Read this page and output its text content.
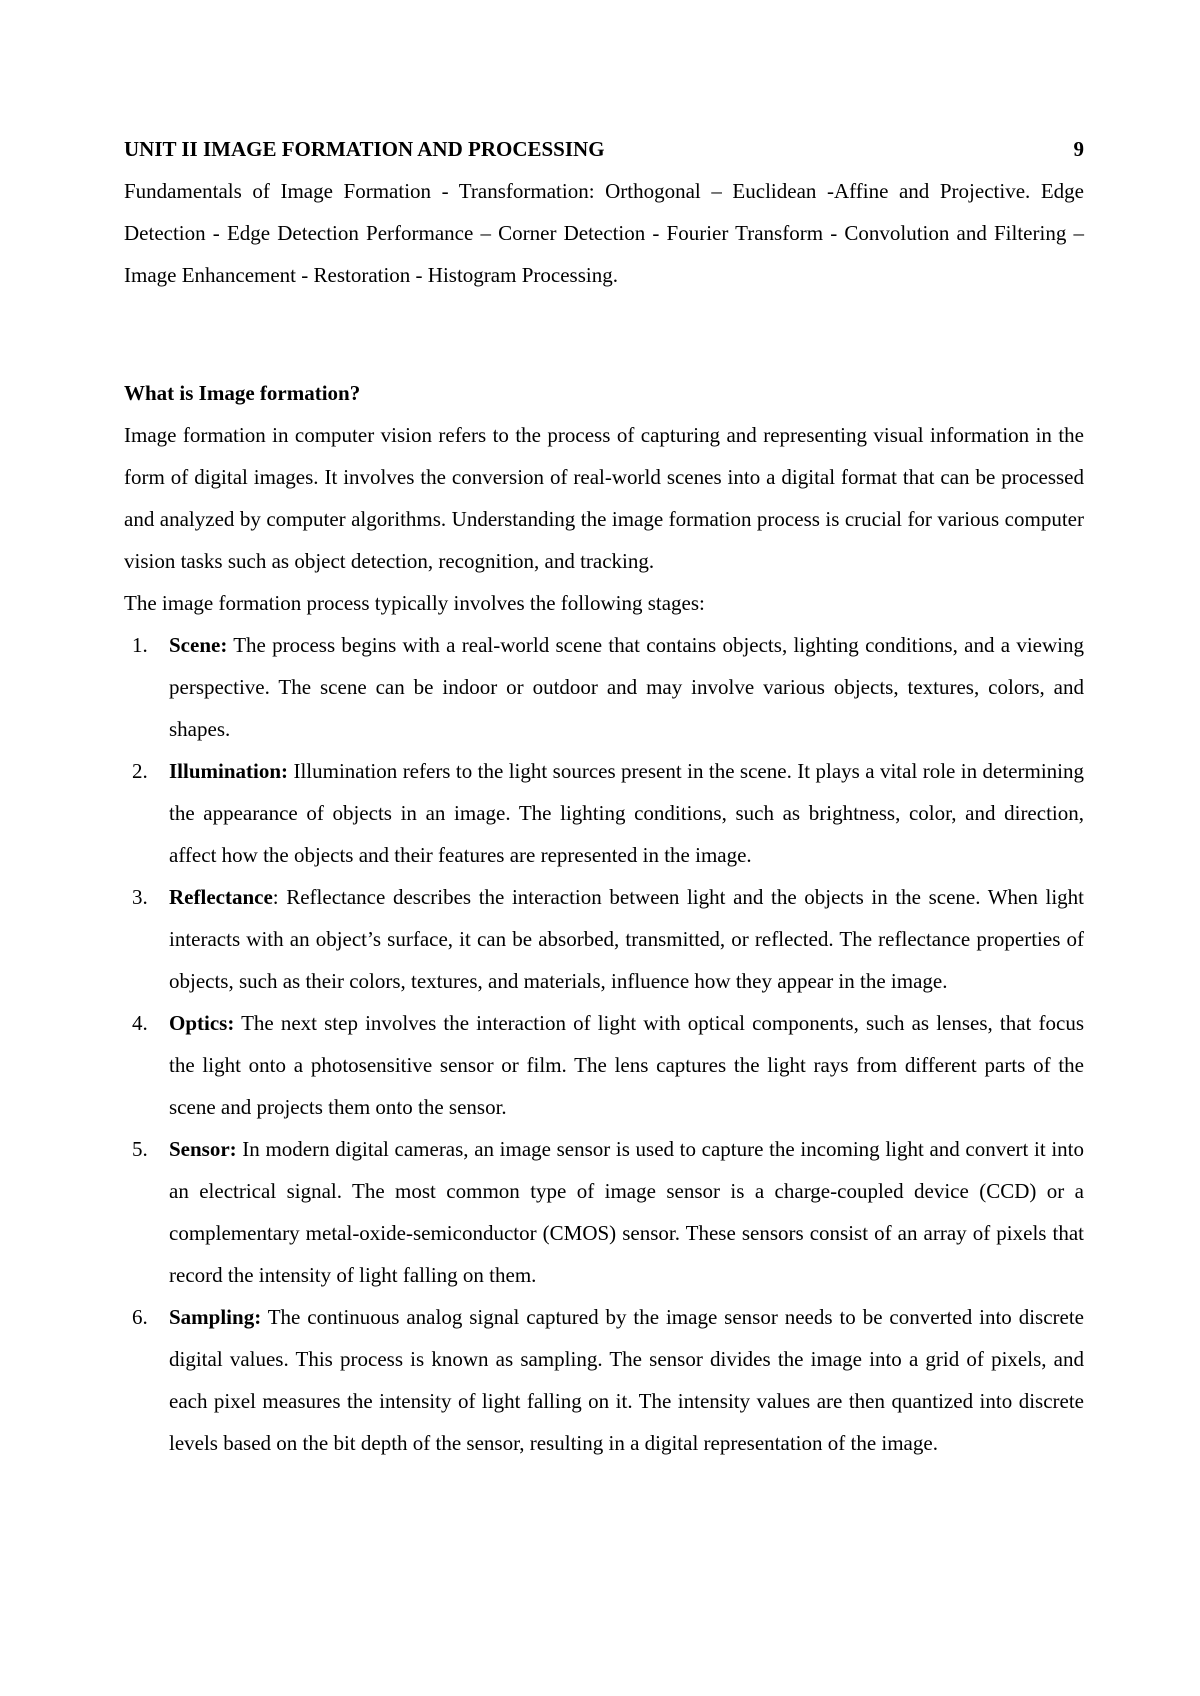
UNIT II IMAGE FORMATION AND PROCESSING	9

Fundamentals of Image Formation - Transformation: Orthogonal – Euclidean -Affine and Projective. Edge Detection - Edge Detection Performance – Corner Detection - Fourier Transform - Convolution and Filtering – Image Enhancement - Restoration - Histogram Processing.

What is Image formation?

Image formation in computer vision refers to the process of capturing and representing visual information in the form of digital images. It involves the conversion of real-world scenes into a digital format that can be processed and analyzed by computer algorithms. Understanding the image formation process is crucial for various computer vision tasks such as object detection, recognition, and tracking.

The image formation process typically involves the following stages:

1. Scene: The process begins with a real-world scene that contains objects, lighting conditions, and a viewing perspective. The scene can be indoor or outdoor and may involve various objects, textures, colors, and shapes.
2. Illumination: Illumination refers to the light sources present in the scene. It plays a vital role in determining the appearance of objects in an image. The lighting conditions, such as brightness, color, and direction, affect how the objects and their features are represented in the image.
3. Reflectance: Reflectance describes the interaction between light and the objects in the scene. When light interacts with an object’s surface, it can be absorbed, transmitted, or reflected. The reflectance properties of objects, such as their colors, textures, and materials, influence how they appear in the image.
4. Optics: The next step involves the interaction of light with optical components, such as lenses, that focus the light onto a photosensitive sensor or film. The lens captures the light rays from different parts of the scene and projects them onto the sensor.
5. Sensor: In modern digital cameras, an image sensor is used to capture the incoming light and convert it into an electrical signal. The most common type of image sensor is a charge-coupled device (CCD) or a complementary metal-oxide-semiconductor (CMOS) sensor. These sensors consist of an array of pixels that record the intensity of light falling on them.
6. Sampling: The continuous analog signal captured by the image sensor needs to be converted into discrete digital values. This process is known as sampling. The sensor divides the image into a grid of pixels, and each pixel measures the intensity of light falling on it. The intensity values are then quantized into discrete levels based on the bit depth of the sensor, resulting in a digital representation of the image.
